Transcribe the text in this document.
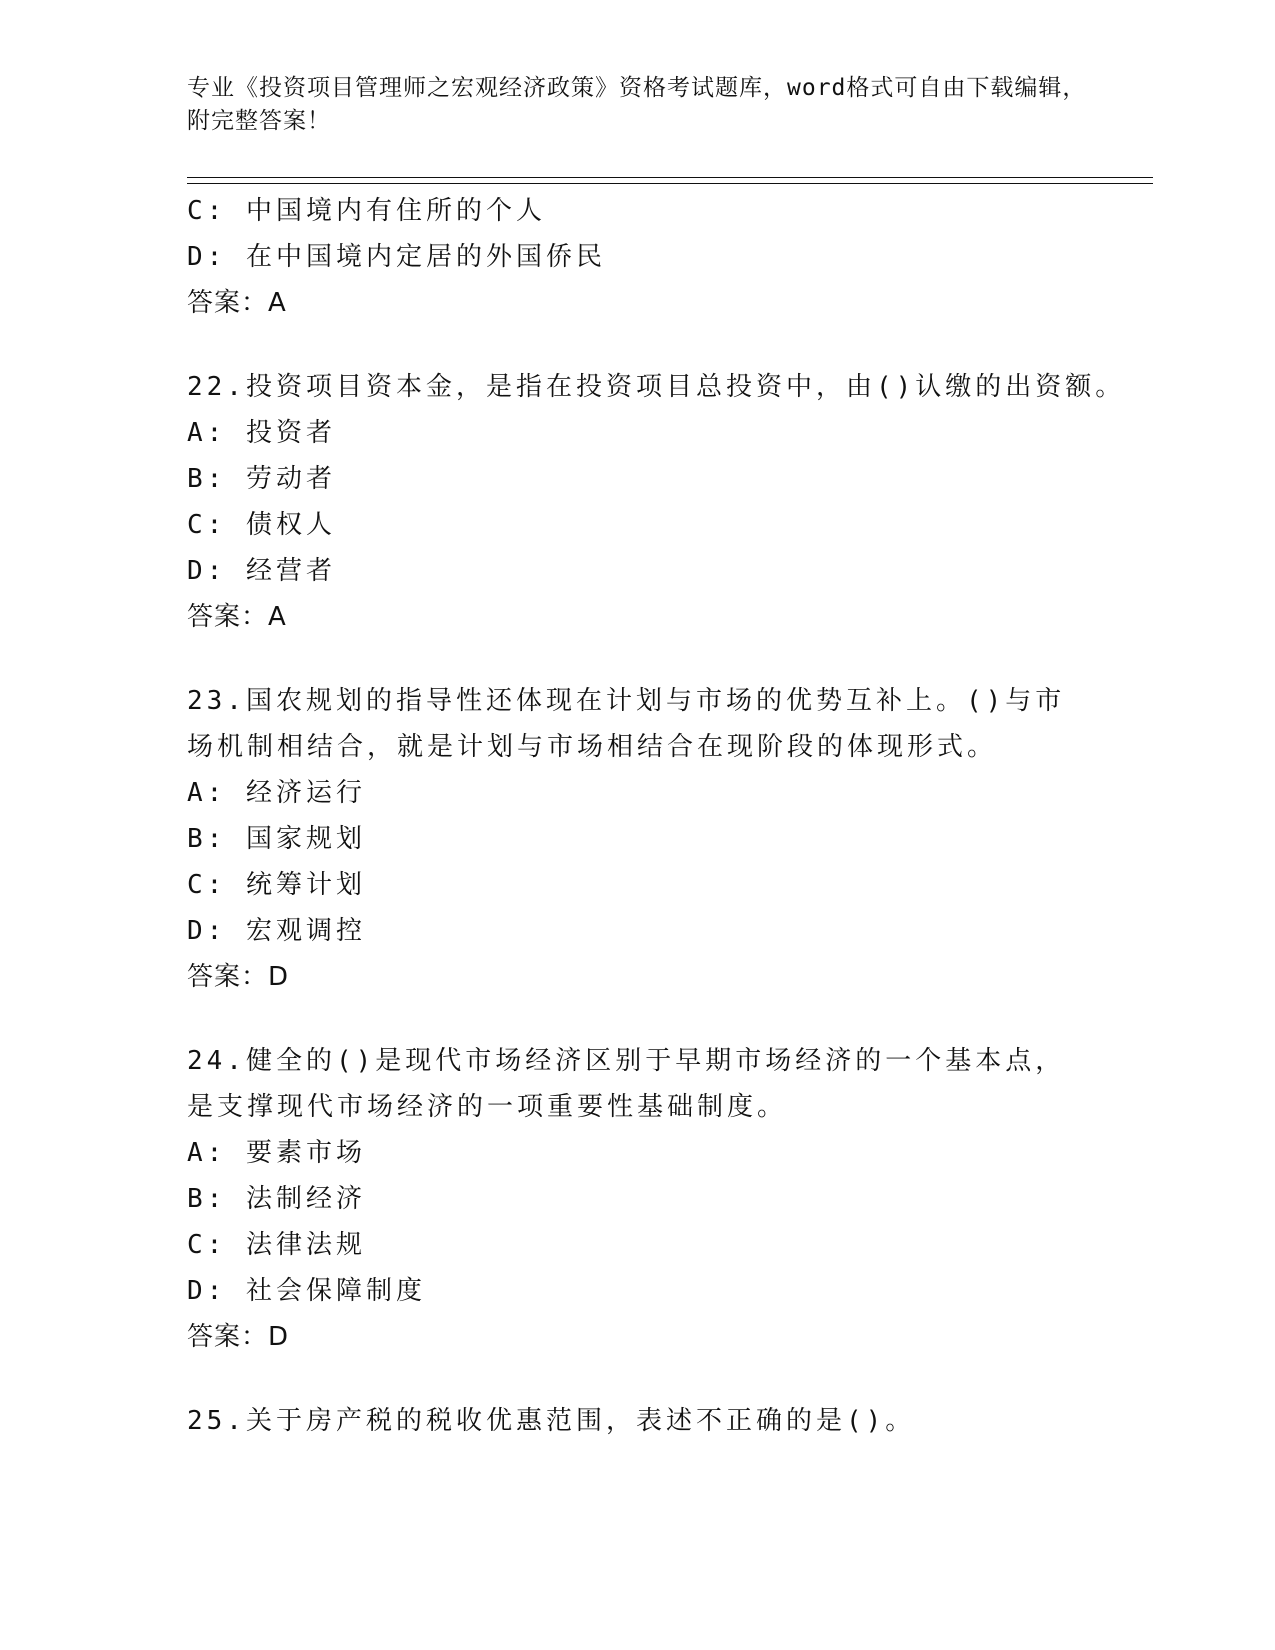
专业《投资项目管理师之宏观经济政策》资格考试题库，word格式可自由下载编辑，附完整答案！
C: 中国境内有住所的个人
D: 在中国境内定居的外国侨民
答案：A
22.投资项目资本金，是指在投资项目总投资中，由()认缴的出资额。
A: 投资者
B: 劳动者
C: 债权人
D: 经营者
答案：A
23.国农规划的指导性还体现在计划与市场的优势互补上。()与市场机制相结合，就是计划与市场相结合在现阶段的体现形式。
A: 经济运行
B: 国家规划
C: 统筹计划
D: 宏观调控
答案：D
24.健全的()是现代市场经济区别于早期市场经济的一个基本点，是支撑现代市场经济的一项重要性基础制度。
A: 要素市场
B: 法制经济
C: 法律法规
D: 社会保障制度
答案：D
25.关于房产税的税收优惠范围，表述不正确的是()。
